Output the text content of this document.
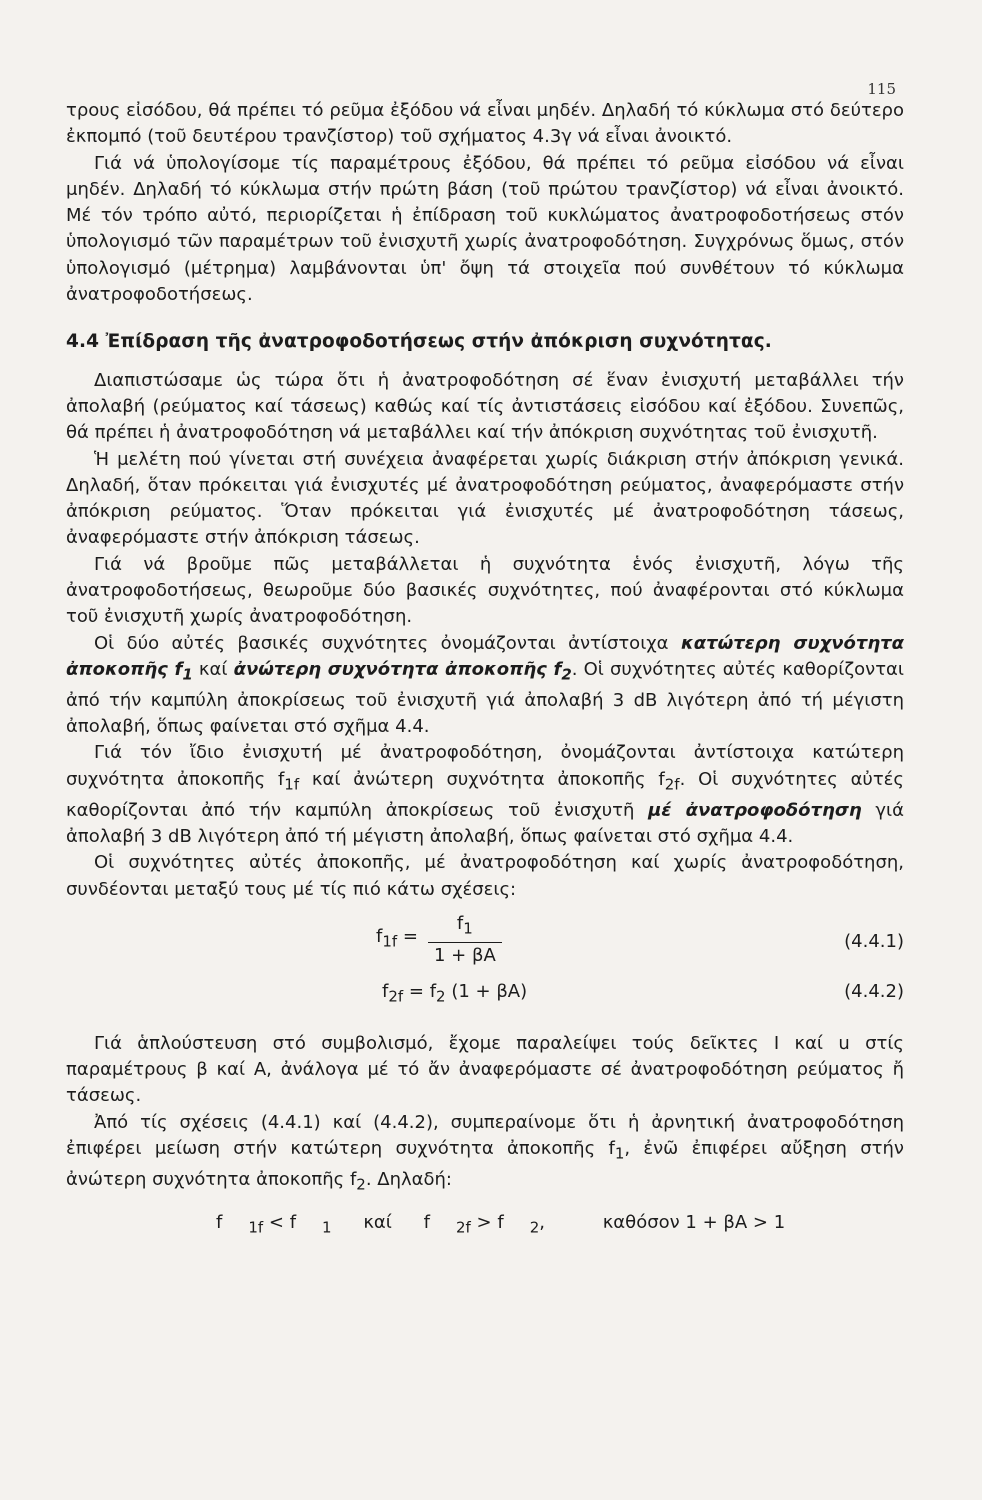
115

τρους εἰσόδου, θά πρέπει τό ρεῦμα ἐξόδου νά εἶναι μηδέν. Δηλαδή τό κύκλωμα στό δεύτερο ἐκπομπό (τοῦ δευτέρου τρανζίστορ) τοῦ σχήματος 4.3γ νά εἶναι ἀνοικτό.

Γιά νά ὑπολογίσομε τίς παραμέτρους ἐξόδου, θά πρέπει τό ρεῦμα εἰσόδου νά εἶναι μηδέν. Δηλαδή τό κύκλωμα στήν πρώτη βάση (τοῦ πρώτου τρανζίστορ) νά εἶναι ἀνοικτό. Μέ τόν τρόπο αὐτό, περιορίζεται ἡ ἐπίδραση τοῦ κυκλώματος ἀνατροφοδοτήσεως στόν ὑπολογισμό τῶν παραμέτρων τοῦ ἐνισχυτῆ χωρίς ἀνατροφοδότηση. Συγχρόνως ὅμως, στόν ὑπολογισμό (μέτρημα) λαμβάνονται ὑπ' ὄψη τά στοιχεῖα πού συνθέτουν τό κύκλωμα ἀνατροφοδοτήσεως.

4.4 Ἐπίδραση τῆς ἀνατροφοδοτήσεως στήν ἀπόκριση συχνότητας.

Διαπιστώσαμε ὡς τώρα ὅτι ἡ ἀνατροφοδότηση σέ ἕναν ἐνισχυτή μεταβάλλει τήν ἀπολαβή (ρεύματος καί τάσεως) καθώς καί τίς ἀντιστάσεις εἰσόδου καί ἐξόδου. Συνεπῶς, θά πρέπει ἡ ἀνατροφοδότηση νά μεταβάλλει καί τήν ἀπόκριση συχνότητας τοῦ ἐνισχυτῆ.

Ἡ μελέτη πού γίνεται στή συνέχεια ἀναφέρεται χωρίς διάκριση στήν ἀπόκριση γενικά. Δηλαδή, ὅταν πρόκειται γιά ἐνισχυτές μέ ἀνατροφοδότηση ρεύματος, ἀναφερόμαστε στήν ἀπόκριση ρεύματος. Ὅταν πρόκειται γιά ἐνισχυτές μέ ἀνατροφοδότηση τάσεως, ἀναφερόμαστε στήν ἀπόκριση τάσεως.

Γιά νά βροῦμε πῶς μεταβάλλεται ἡ συχνότητα ἑνός ἐνισχυτῆ, λόγω τῆς ἀνατροφοδοτήσεως, θεωροῦμε δύο βασικές συχνότητες, πού ἀναφέρονται στό κύκλωμα τοῦ ἐνισχυτῆ χωρίς ἀνατροφοδότηση.

Οἱ δύο αὐτές βασικές συχνότητες ὀνομάζονται ἀντίστοιχα κατώτερη συχνότητα ἀποκοπῆς $f_1$ καί ἀνώτερη συχνότητα ἀποκοπῆς $f_2$. Οἱ συχνότητες αὐτές καθορίζονται ἀπό τήν καμπύλη ἀποκρίσεως τοῦ ἐνισχυτῆ γιά ἀπολαβή 3 dB λιγότερη ἀπό τή μέγιστη ἀπολαβή, ὅπως φαίνεται στό σχῆμα 4.4.

Γιά τόν ἴδιο ἐνισχυτή μέ ἀνατροφοδότηση, ὀνομάζονται ἀντίστοιχα κατώτερη συχνότητα ἀποκοπῆς $f_{1f}$ καί ἀνώτερη συχνότητα ἀποκοπῆς $f_{2f}$. Οἱ συχνότητες αὐτές καθορίζονται ἀπό τήν καμπύλη ἀποκρίσεως τοῦ ἐνισχυτῆ μέ ἀνατροφοδότηση γιά ἀπολαβή 3 dB λιγότερη ἀπό τή μέγιστη ἀπολαβή, ὅπως φαίνεται στό σχῆμα 4.4.

Οἱ συχνότητες αὐτές ἀποκοπῆς, μέ ἀνατροφοδότηση καί χωρίς ἀνατροφοδότηση, συνδέονται μεταξύ τους μέ τίς πιό κάτω σχέσεις:

$f_{1f} = \frac{f_1}{1 + \beta A}$	(4.4.1)
$f_{2f} = f_2$ (1 + βA)	(4.4.2)

Γιά ἁπλούστευση στό συμβολισμό, ἔχομε παραλείψει τούς δεῖκτες I καί u στίς παραμέτρους β καί A, ἀνάλογα μέ τό ἄν ἀναφερόμαστε σέ ἀνατροφοδότηση ρεύματος ἤ τάσεως.

Ἀπό τίς σχέσεις (4.4.1) καί (4.4.2), συμπεραίνομε ὅτι ἡ ἀρνητική ἀνατροφοδότηση ἐπιφέρει μείωση στήν κατώτερη συχνότητα ἀποκοπῆς $f_1$, ἐνῶ ἐπιφέρει αὔξηση στήν ἀνώτερη συχνότητα ἀποκοπῆς $f_2$. Δηλαδή:

f $_{1f}$ < f $_1$ καί f $_{2f}$ > f $_2$,	καθόσον 1 + βA > 1
